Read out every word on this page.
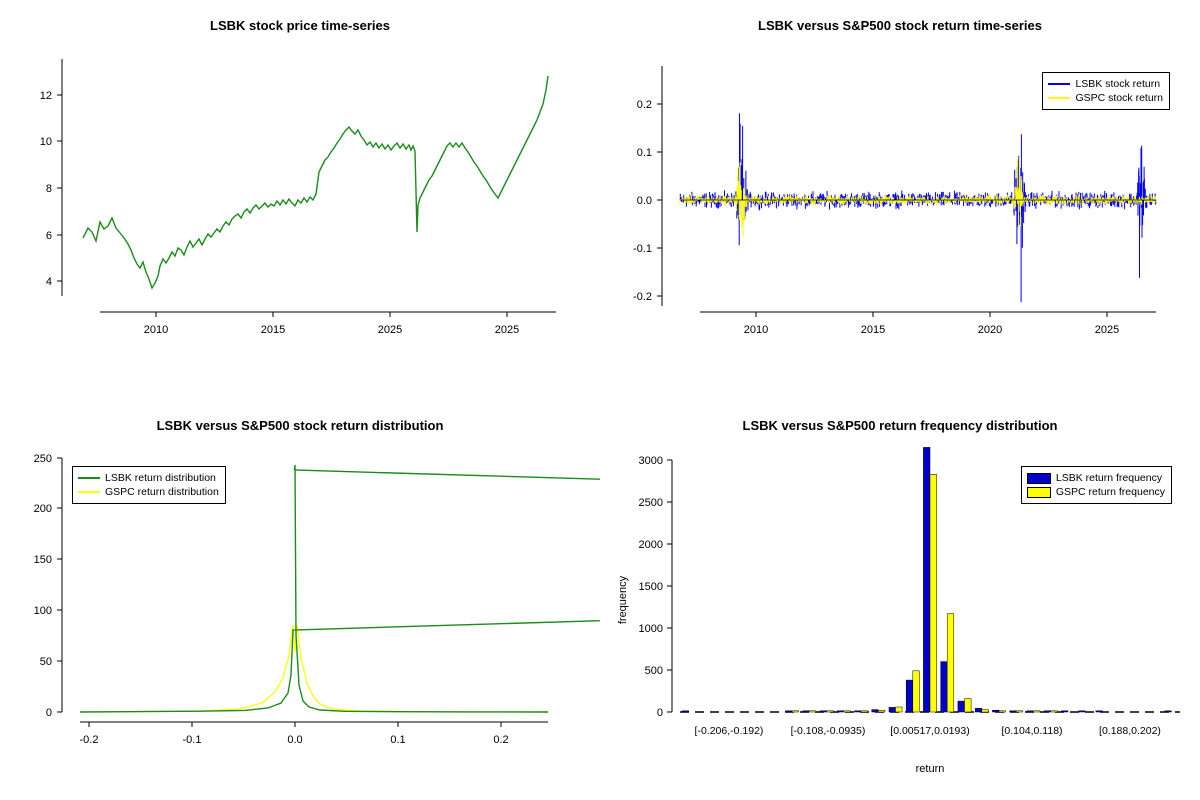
LSBK stock price time-series
4
6
8
10
12
2010	2015	2025	2025
LSBK versus S&P500 stock return time-series
-0.2
-0.1
0.0
0.1
0.2
2010	2015	2020	2025
LSBK stock return
GSPC stock return
LSBK versus S&P500 stock return distribution
0
50
100
150
200
250
-0.2	-0.1	0.0	0.1	0.2
LSBK return distribution
GSPC return distribution
LSBK versus S&P500 return frequency distribution
0
500
1000
1500
2000
2500
3000
[-0.206,-0.192)	[-0.108,-0.0935) [0.00517,0.0193)	[0.104,0.118)	[0.188,0.202)
return
frequency
LSBK return frequency
GSPC return frequency
